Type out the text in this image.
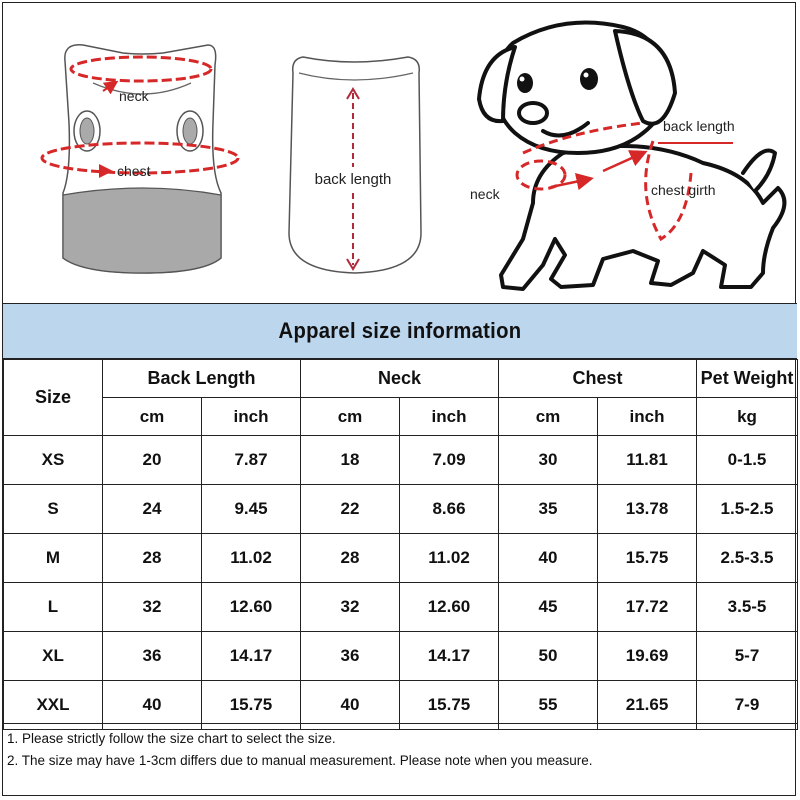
neck
chest	back length
back length
neck	chest girth
Apparel size information
Size	Back Length		Neck		Chest		Pet Weight
	cm	inch	cm	inch	cm	inch	kg
XS	20	7.87	18	7.09	30	11.81	0-1.5
S	24	9.45	22	8.66	35	13.78	1.5-2.5
M	28	11.02	28	11.02	40	15.75	2.5-3.5
L	32	12.60	32	12.60	45	17.72	3.5-5
XL	36	14.17	36	14.17	50	19.69	5-7
XXL	40	15.75	40	15.75	55	21.65	7-9
1. Please strictly follow the size chart to select the size.
2. The size may have 1-3cm differs due to manual measurement. Please note when you measure.
